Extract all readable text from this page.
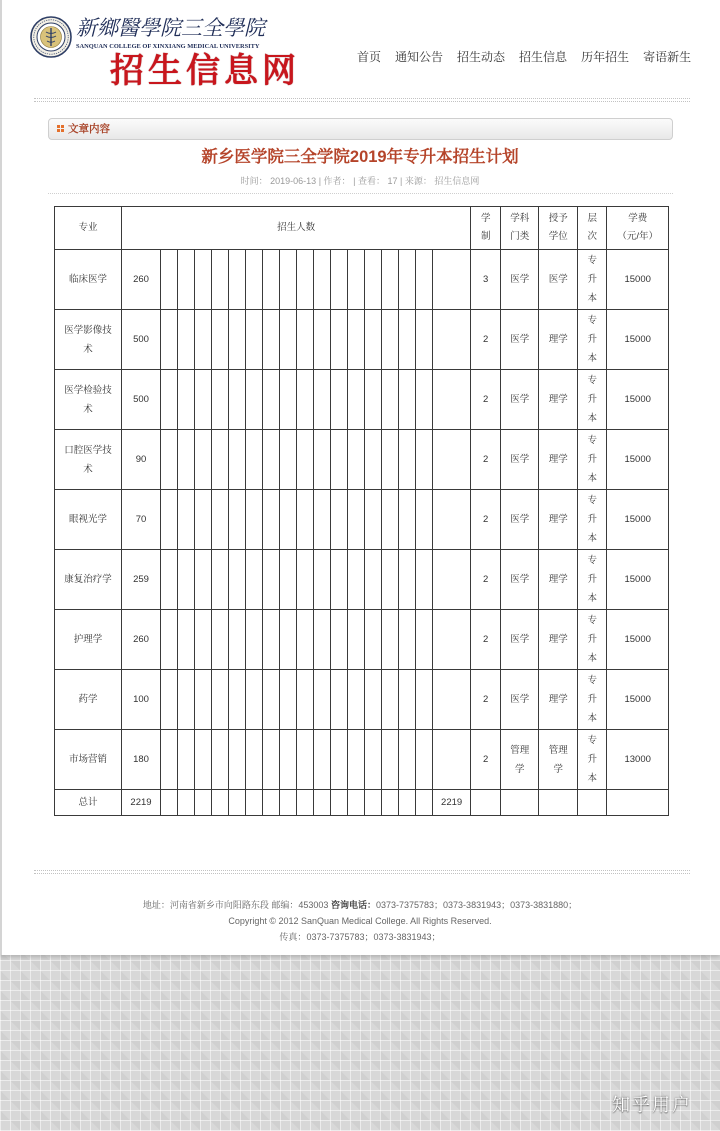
新鄉醫學院三全學院
SANQUAN COLLEGE OF XINXIANG MEDICAL UNIVERSITY
招生信息网	首页 通知公告 招生动态 招生信息 历年招生 寄语新生
文章内容
新乡医学院三全学院2019年专升本招生计划
时间： 2019-06-13 | 作者： | 查看： 17 | 来源： 招生信息网
专业	招生人数																		学制	学科门类	授予学位	层次	学费
（元/年）

临床医学	260																		3	医学	医学	专升本	15000
医学影像技术	500																		2	医学	理学	专升本	15000
医学检验技术	500																		2	医学	理学	专升本	15000
口腔医学技术	90																		2	医学	理学	专升本	15000
眼视光学	70																		2	医学	理学	专升本	15000
康复治疗学	259																		2	医学	理学	专升本	15000
护理学	260																		2	医学	理学	专升本	15000
药学	100																		2	医学	理学	专升本	15000
市场营销	180																		2	管理学	管理学	专升本	13000
总计	2219																	2219					
地址：河南省新乡市向阳路东段 邮编：453003 咨询电话：0373-7375783；0373-3831943；0373-3831880；
Copyright © 2012 SanQuan Medical College. All Rights Reserved.
传真：0373-7375783；0373-3831943；
知乎用户
